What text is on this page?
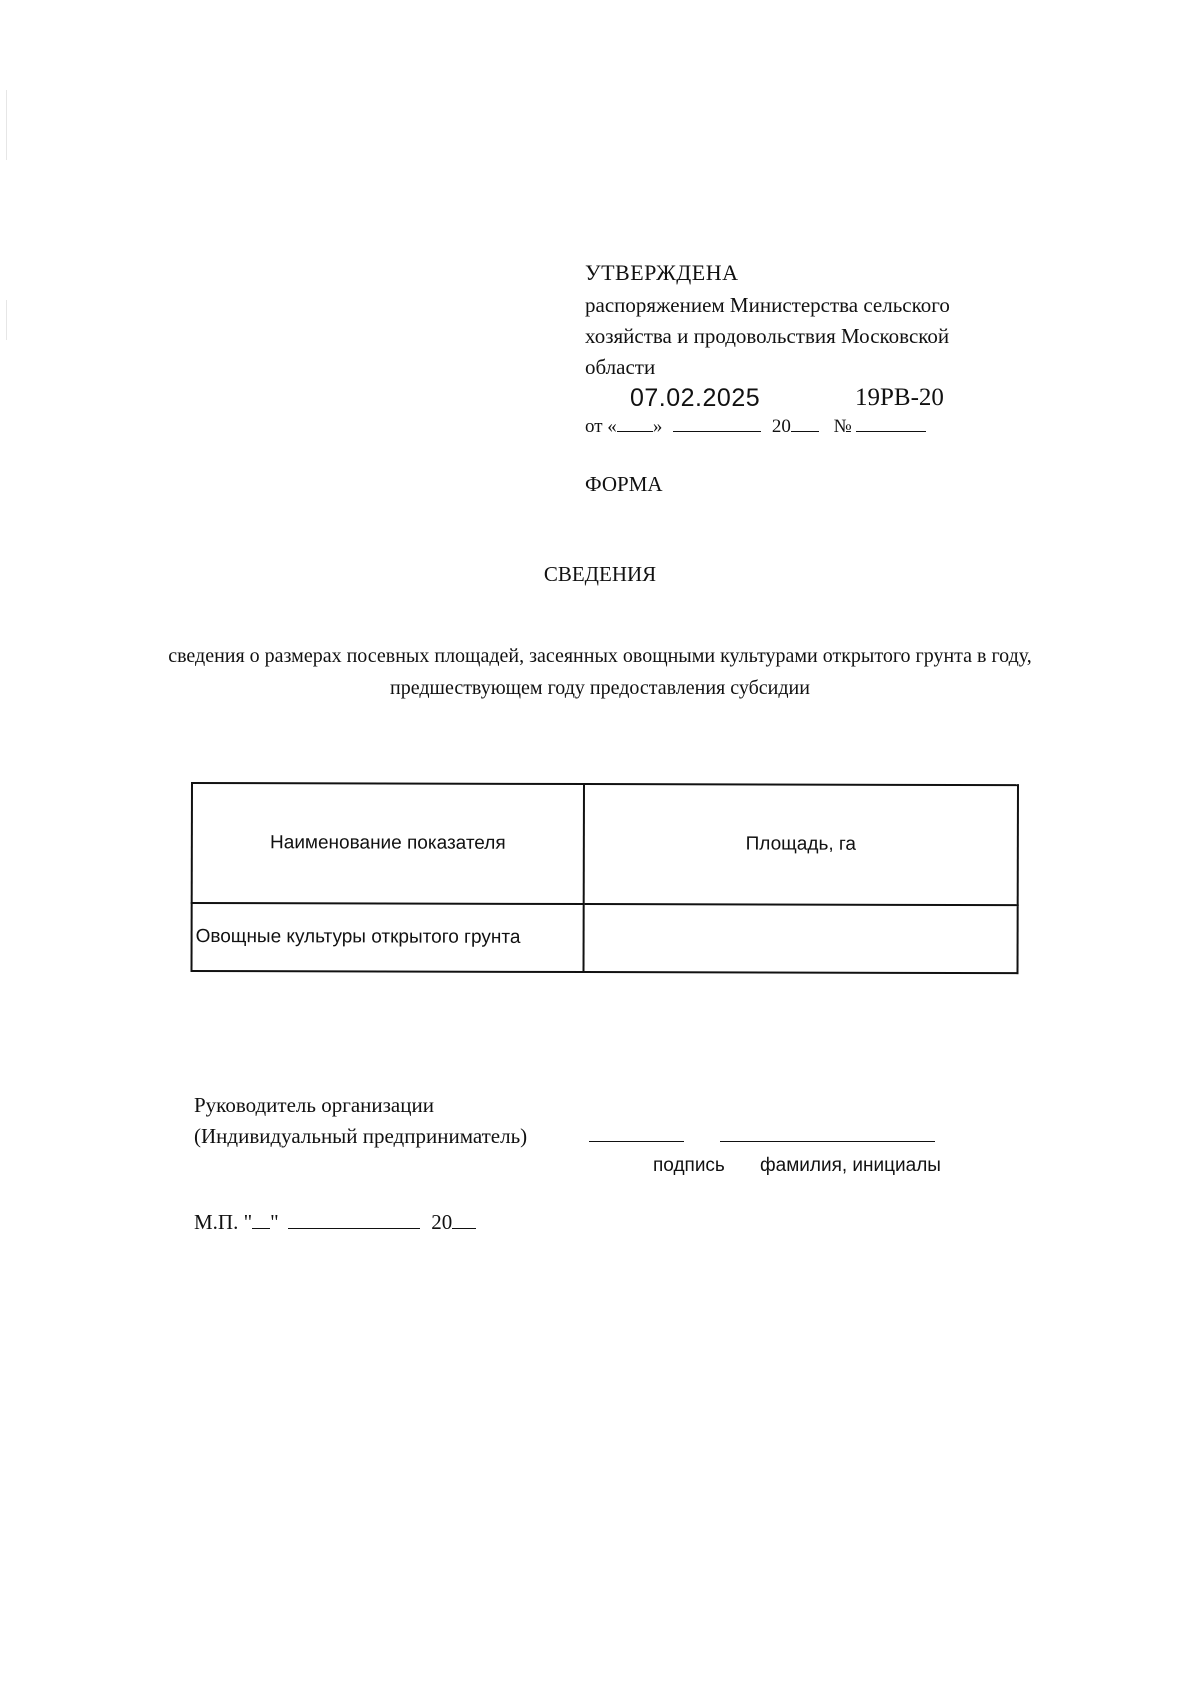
УТВЕРЖДЕНА
распоряжением Министерства сельского
хозяйства и продовольствия Московской
области
07.02.2025	19РВ-20
от « »	20 №
ФОРМА
СВЕДЕНИЯ
сведения о размерах посевных площадей, засеянных овощными культурами открытого грунта в году, предшествующем году предоставления субсидии
Наименование показателя	Площадь, га
Овощные культуры открытого грунта	
Руководитель организации
(Индивидуальный предприниматель)
подпись фамилия, инициалы
М.П. " "	20
